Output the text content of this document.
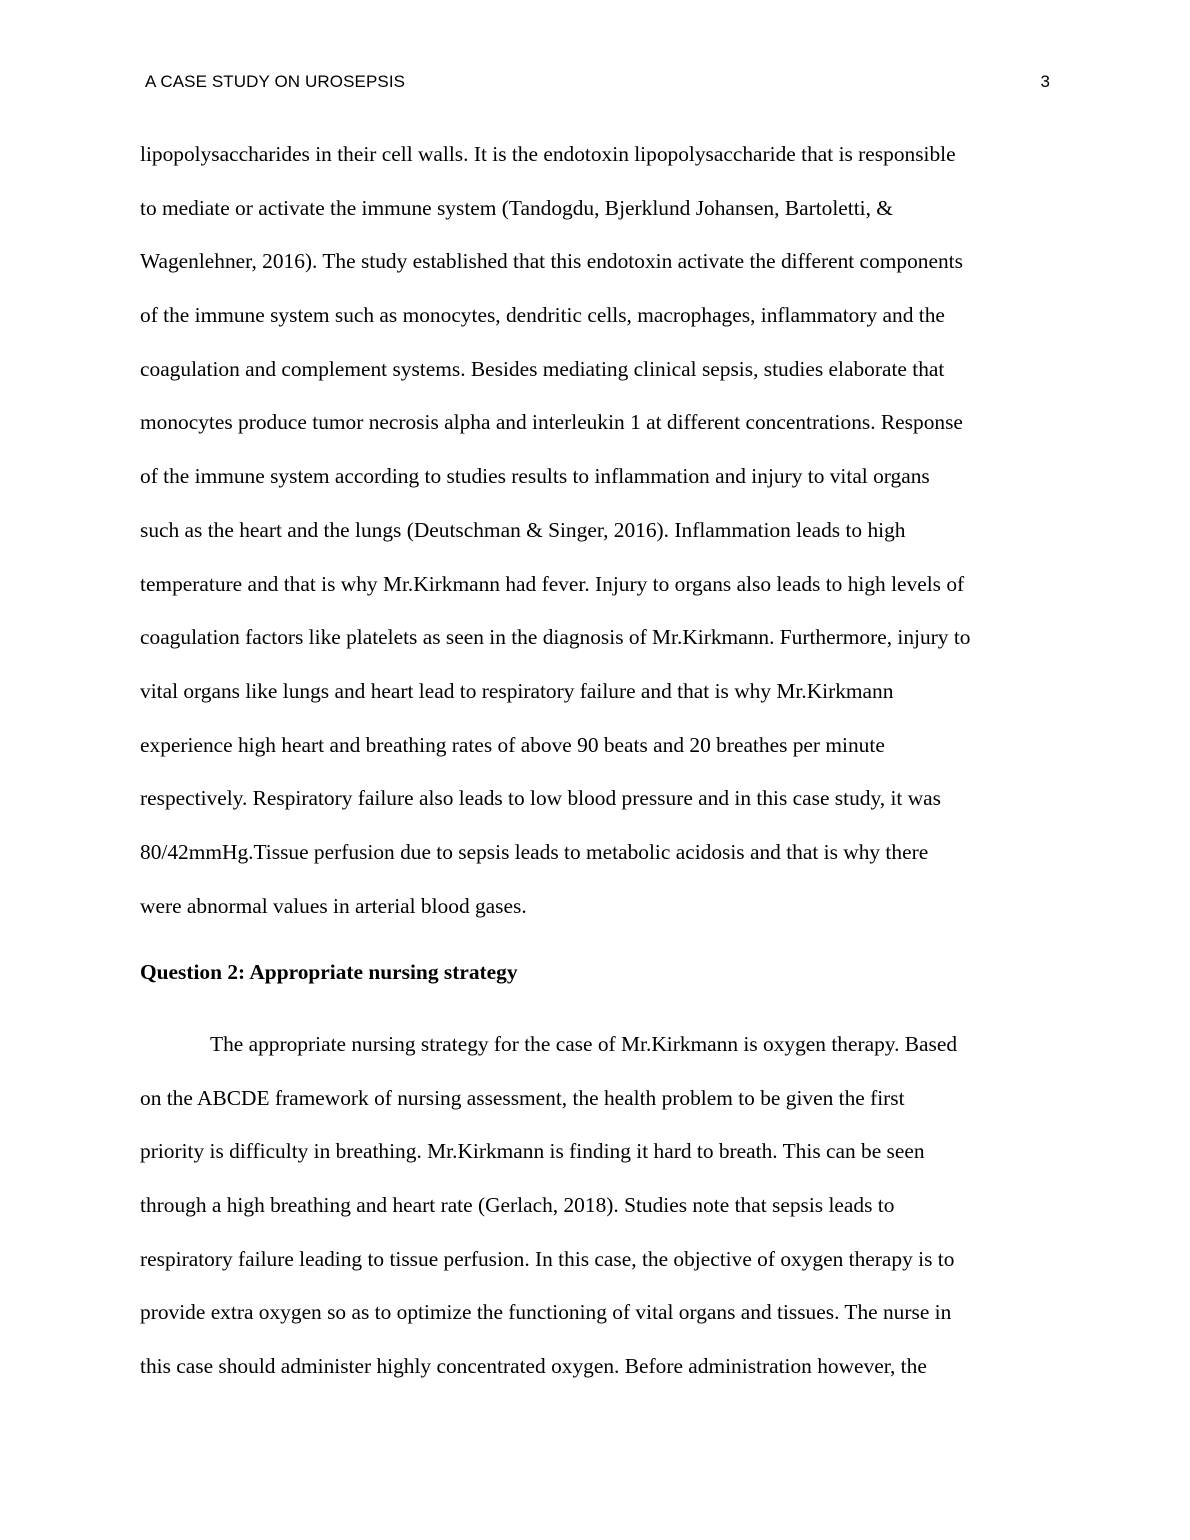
A CASE STUDY ON UROSEPSIS	3

lipopolysaccharides in their cell walls. It is the endotoxin lipopolysaccharide that is responsible
to mediate or activate the immune system (Tandogdu, Bjerklund Johansen, Bartoletti, &
Wagenlehner, 2016). The study established that this endotoxin activate the different components
of the immune system such as monocytes, dendritic cells, macrophages, inflammatory and the
coagulation and complement systems. Besides mediating clinical sepsis, studies elaborate that
monocytes produce tumor necrosis alpha and interleukin 1 at different concentrations. Response
of the immune system according to studies results to inflammation and injury to vital organs
such as the heart and the lungs (Deutschman & Singer, 2016). Inflammation leads to high
temperature and that is why Mr.Kirkmann had fever. Injury to organs also leads to high levels of
coagulation factors like platelets as seen in the diagnosis of Mr.Kirkmann. Furthermore, injury to
vital organs like lungs and heart lead to respiratory failure and that is why Mr.Kirkmann
experience high heart and breathing rates of above 90 beats and 20 breathes per minute
respectively. Respiratory failure also leads to low blood pressure and in this case study, it was
80/42mmHg.Tissue perfusion due to sepsis leads to metabolic acidosis and that is why there
were abnormal values in arterial blood gases.

Question 2: Appropriate nursing strategy

The appropriate nursing strategy for the case of Mr.Kirkmann is oxygen therapy. Based
on the ABCDE framework of nursing assessment, the health problem to be given the first
priority is difficulty in breathing. Mr.Kirkmann is finding it hard to breath. This can be seen
through a high breathing and heart rate (Gerlach, 2018). Studies note that sepsis leads to
respiratory failure leading to tissue perfusion. In this case, the objective of oxygen therapy is to
provide extra oxygen so as to optimize the functioning of vital organs and tissues. The nurse in
this case should administer highly concentrated oxygen. Before administration however, the
